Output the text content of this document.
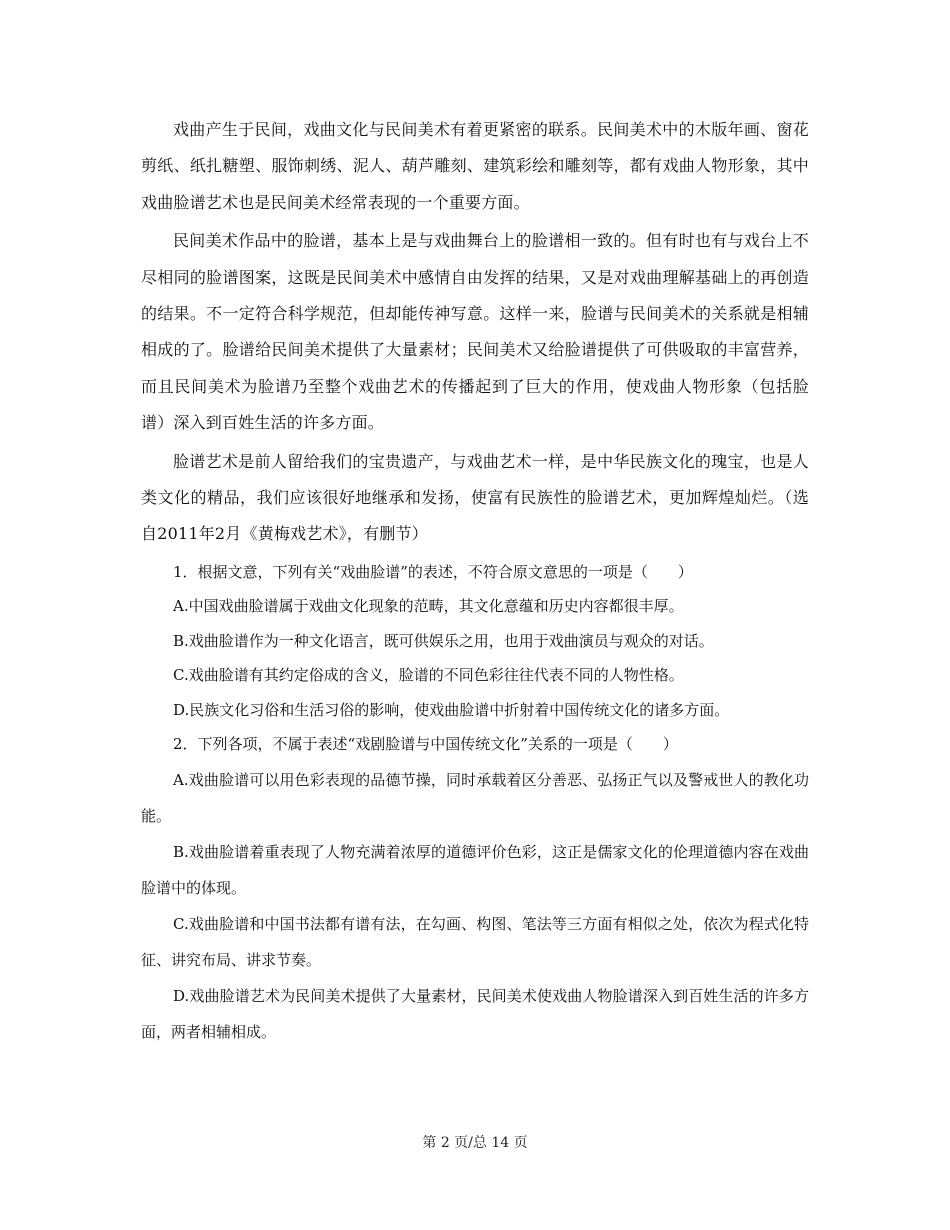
戏曲产生于民间，戏曲文化与民间美术有着更紧密的联系。民间美术中的木版年画、窗花剪纸、纸扎糖塑、服饰刺绣、泥人、葫芦雕刻、建筑彩绘和雕刻等，都有戏曲人物形象，其中戏曲脸谱艺术也是民间美术经常表现的一个重要方面。

民间美术作品中的脸谱，基本上是与戏曲舞台上的脸谱相一致的。但有时也有与戏台上不尽相同的脸谱图案，这既是民间美术中感情自由发挥的结果，又是对戏曲理解基础上的再创造的结果。不一定符合科学规范，但却能传神写意。这样一来，脸谱与民间美术的关系就是相辅相成的了。脸谱给民间美术提供了大量素材；民间美术又给脸谱提供了可供吸取的丰富营养，而且民间美术为脸谱乃至整个戏曲艺术的传播起到了巨大的作用，使戏曲人物形象（包括脸谱）深入到百姓生活的许多方面。

脸谱艺术是前人留给我们的宝贵遗产，与戏曲艺术一样，是中华民族文化的瑰宝，也是人类文化的精品，我们应该很好地继承和发扬，使富有民族性的脸谱艺术，更加辉煌灿烂。（选自2011年2月《黄梅戏艺术》，有删节）

1．根据文意，下列有关“戏曲脸谱”的表述，不符合原文意思的一项是（　　）

A.中国戏曲脸谱属于戏曲文化现象的范畴，其文化意蕴和历史内容都很丰厚。

B.戏曲脸谱作为一种文化语言，既可供娱乐之用，也用于戏曲演员与观众的对话。

C.戏曲脸谱有其约定俗成的含义，脸谱的不同色彩往往代表不同的人物性格。

D.民族文化习俗和生活习俗的影响，使戏曲脸谱中折射着中国传统文化的诸多方面。

2．下列各项，不属于表述“戏剧脸谱与中国传统文化”关系的一项是（　　）

A.戏曲脸谱可以用色彩表现的品德节操，同时承载着区分善恶、弘扬正气以及警戒世人的教化功能。

B.戏曲脸谱着重表现了人物充满着浓厚的道德评价色彩，这正是儒家文化的伦理道德内容在戏曲脸谱中的体现。

C.戏曲脸谱和中国书法都有谱有法，在勾画、构图、笔法等三方面有相似之处，依次为程式化特征、讲究布局、讲求节奏。

D.戏曲脸谱艺术为民间美术提供了大量素材，民间美术使戏曲人物脸谱深入到百姓生活的许多方面，两者相辅相成。

第 2 页/总 14 页
